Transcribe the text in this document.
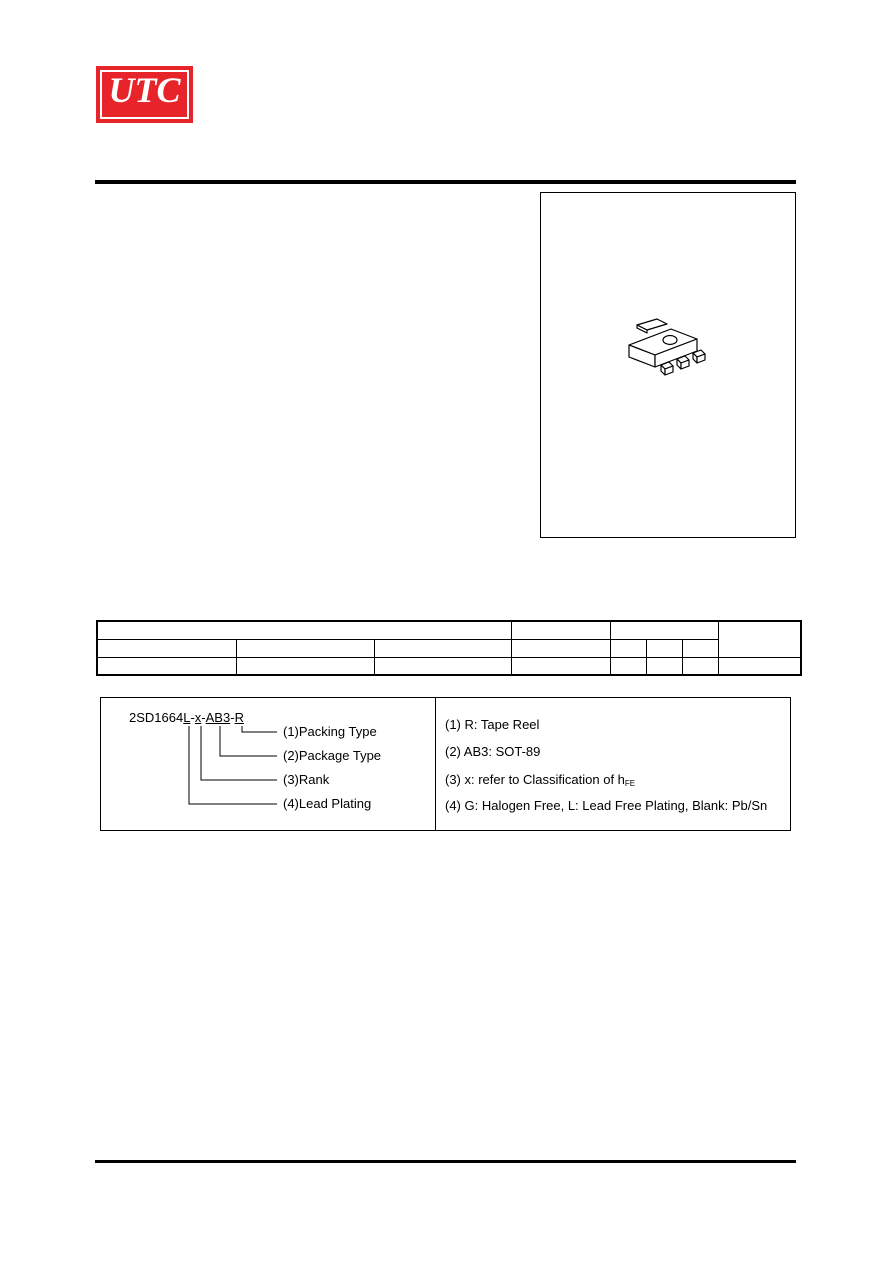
UTC
2SD1664L-x-AB3-R
(1)Packing Type
(2)Package Type
(3)Rank
(4)Lead Plating
(1) R: Tape Reel
(2) AB3: SOT-89
(3) x: refer to Classification of $h_{FE}$
(4) G: Halogen Free, L: Lead Free Plating, Blank: Pb/Sn
